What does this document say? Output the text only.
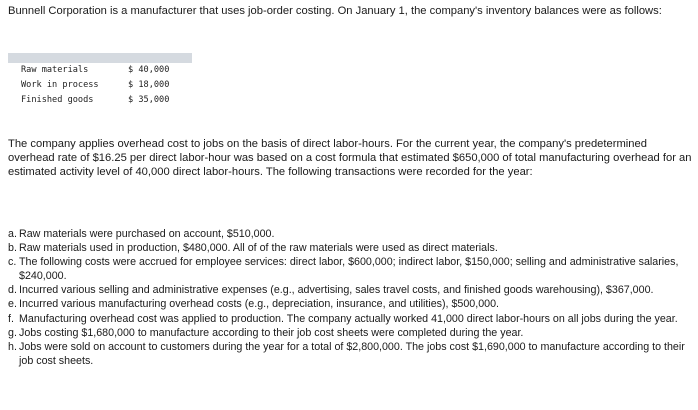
Bunnell Corporation is a manufacturer that uses job-order costing. On January 1, the company's inventory balances were as follows:

Raw materials	$ 40,000
Work in process	$ 18,000
Finished goods	$ 35,000

The company applies overhead cost to jobs on the basis of direct labor-hours. For the current year, the company's predetermined overhead rate of $16.25 per direct labor-hour was based on a cost formula that estimated $650,000 of total manufacturing overhead for an estimated activity level of 40,000 direct labor-hours. The following transactions were recorded for the year:

a. Raw materials were purchased on account, $510,000.
b. Raw materials used in production, $480,000. All of of the raw materials were used as direct materials.
c. The following costs were accrued for employee services: direct labor, $600,000; indirect labor, $150,000; selling and administrative salaries, $240,000.
d. Incurred various selling and administrative expenses (e.g., advertising, sales travel costs, and finished goods warehousing), $367,000.
e. Incurred various manufacturing overhead costs (e.g., depreciation, insurance, and utilities), $500,000.
f. Manufacturing overhead cost was applied to production. The company actually worked 41,000 direct labor-hours on all jobs during the year.
g. Jobs costing $1,680,000 to manufacture according to their job cost sheets were completed during the year.
h. Jobs were sold on account to customers during the year for a total of $2,800,000. The jobs cost $1,690,000 to manufacture according to their job cost sheets.
